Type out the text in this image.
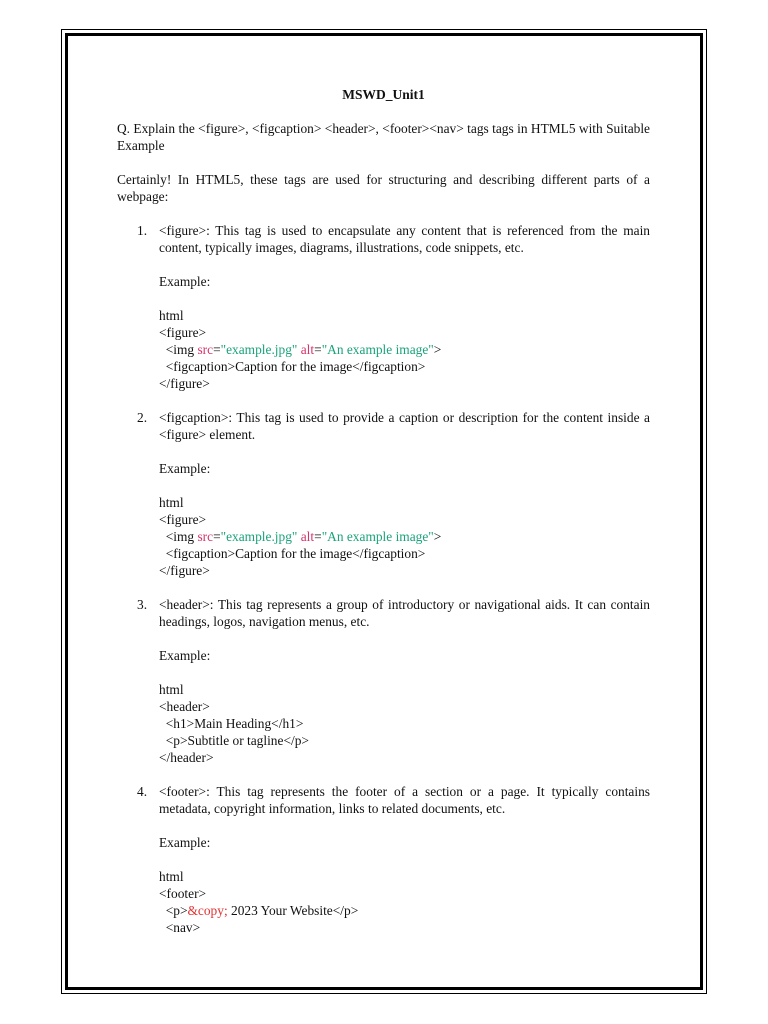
MSWD_Unit1

Q. Explain the <figure>, <figcaption> <header>, <footer><nav> tags tags in HTML5 with Suitable Example

Certainly! In HTML5, these tags are used for structuring and describing different parts of a webpage:

1. <figure>: This tag is used to encapsulate any content that is referenced from the main content, typically images, diagrams, illustrations, code snippets, etc.

Example:
html
<figure>
<img src="example.jpg" alt="An example image">
<figcaption>Caption for the image</figcaption>
</figure>
2. <figcaption>: This tag is used to provide a caption or description for the content inside a <figure> element.

Example:
html
<figure>
<img src="example.jpg" alt="An example image">
<figcaption>Caption for the image</figcaption>
</figure>
3. <header>: This tag represents a group of introductory or navigational aids. It can contain headings, logos, navigation menus, etc.

Example:
html
<header>
<h1>Main Heading</h1>
<p>Subtitle or tagline</p>
</header>
4. <footer>: This tag represents the footer of a section or a page. It typically contains metadata, copyright information, links to related documents, etc.

Example:
html
<footer>
<p>&copy; 2023 Your Website</p>
<nav>
